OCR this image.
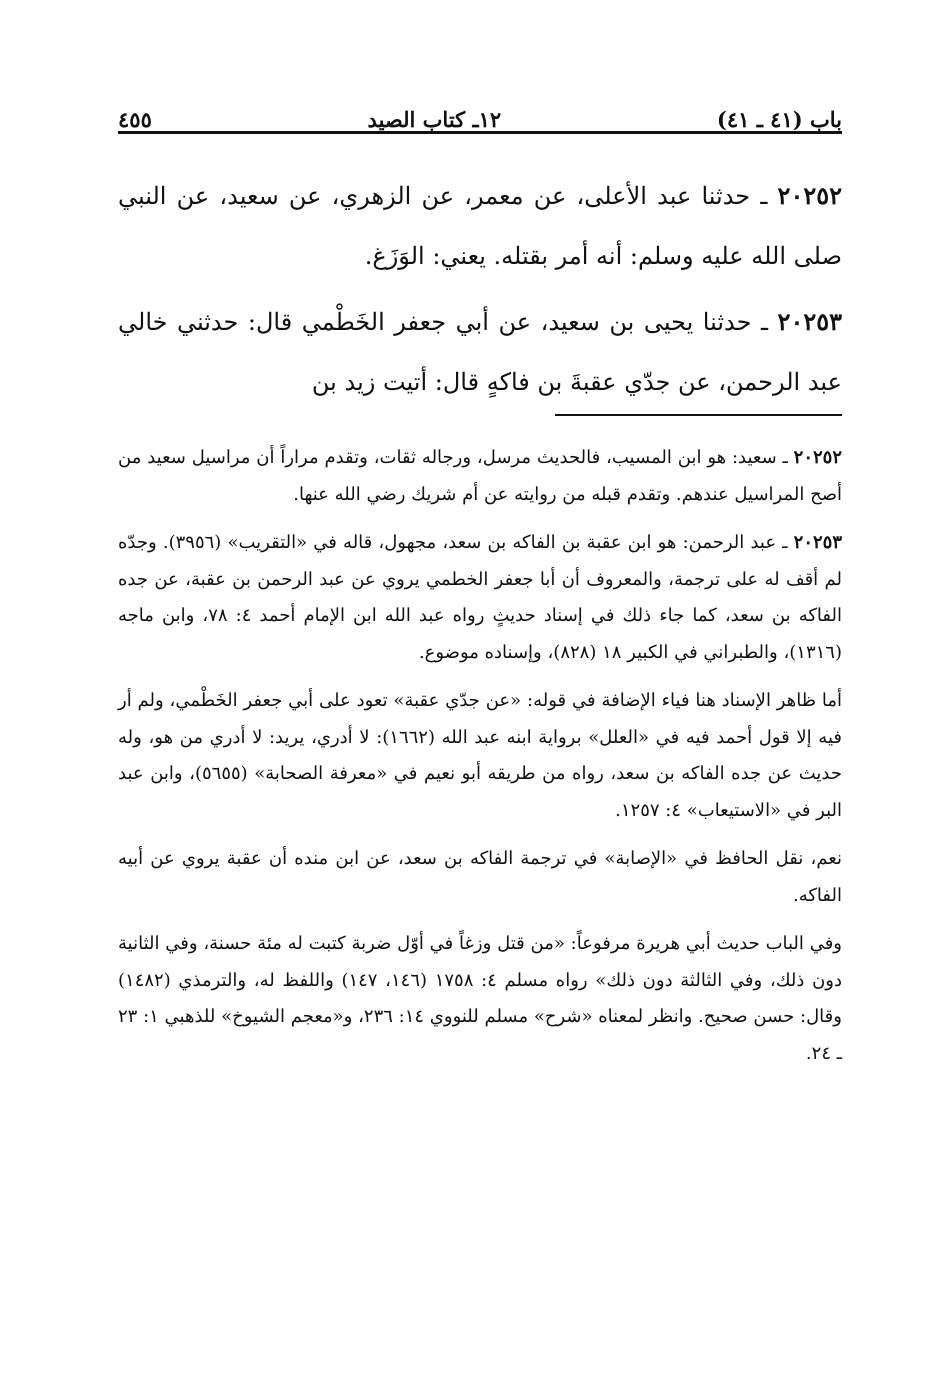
باب (٤١ ـ ٤١)
١٢ـ كتاب الصيد
٤٥٥

٢٠٢٥٢ ـ حدثنا عبد الأعلى، عن معمر، عن الزهري، عن سعيد، عن النبي صلى الله عليه وسلم: أنه أمر بقتله. يعني: الوَزَغ.

٢٠٢٥٣ ـ حدثنا يحيى بن سعيد، عن أبي جعفر الخَطْمي قال: حدثني خالي عبد الرحمن، عن جدّي عقبةَ بن فاكهٍ قال: أتيت زيد بن

٢٠٢٥٢ ـ سعيد: هو ابن المسيب، فالحديث مرسل، ورجاله ثقات، وتقدم مراراً أن مراسيل سعيد من أصح المراسيل عندهم. وتقدم قبله من روايته عن أم شريك رضي الله عنها.

٢٠٢٥٣ ـ عبد الرحمن: هو ابن عقبة بن الفاكه بن سعد، مجهول، قاله في «التقريب» (٣٩٥٦). وجدّه لم أقف له على ترجمة، والمعروف أن أبا جعفر الخطمي يروي عن عبد الرحمن بن عقبة، عن جده الفاكه بن سعد، كما جاء ذلك في إسناد حديثٍ رواه عبد الله ابن الإمام أحمد ٤: ٧٨، وابن ماجه (١٣١٦)، والطبراني في الكبير ١٨ (٨٢٨)، وإسناده موضوع.

أما ظاهر الإسناد هنا فياء الإضافة في قوله: «عن جدّي عقبة» تعود على أبي جعفر الخَطْمي، ولم أر فيه إلا قول أحمد فيه في «العلل» برواية ابنه عبد الله (١٦٦٢): لا أدري، يريد: لا أدري من هو، وله حديث عن جده الفاكه بن سعد، رواه من طريقه أبو نعيم في «معرفة الصحابة» (٥٦٥٥)، وابن عبد البر في «الاستيعاب» ٤: ١٢٥٧.

نعم، نقل الحافظ في «الإصابة» في ترجمة الفاكه بن سعد، عن ابن منده أن عقبة يروي عن أبيه الفاكه.

وفي الباب حديث أبي هريرة مرفوعاً: «من قتل وزغاً في أوّل ضربة كتبت له مئة حسنة، وفي الثانية دون ذلك، وفي الثالثة دون ذلك» رواه مسلم ٤: ١٧٥٨ (١٤٦، ١٤٧) واللفظ له، والترمذي (١٤٨٢) وقال: حسن صحيح. وانظر لمعناه «شرح» مسلم للنووي ١٤: ٢٣٦، و«معجم الشيوخ» للذهبي ١: ٢٣ ـ ٢٤.
